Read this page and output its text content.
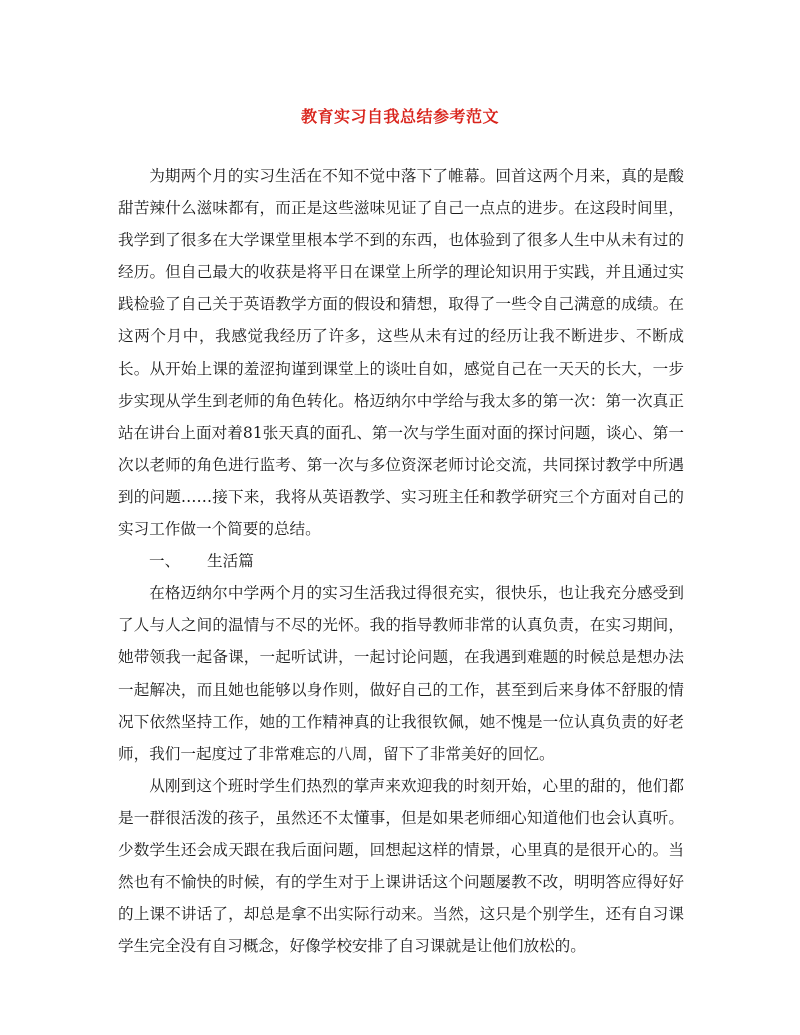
教育实习自我总结参考范文

为期两个月的实习生活在不知不觉中落下了帷幕。回首这两个月来，真的是酸甜苦辣什么滋味都有，而正是这些滋味见证了自己一点点的进步。在这段时间里，我学到了很多在大学课堂里根本学不到的东西，也体验到了很多人生中从未有过的经历。但自己最大的收获是将平日在课堂上所学的理论知识用于实践，并且通过实践检验了自己关于英语教学方面的假设和猜想，取得了一些令自己满意的成绩。在这两个月中，我感觉我经历了许多，这些从未有过的经历让我不断进步、不断成长。从开始上课的羞涩拘谨到课堂上的谈吐自如，感觉自己在一天天的长大，一步步实现从学生到老师的角色转化。格迈纳尔中学给与我太多的第一次：第一次真正站在讲台上面对着81张天真的面孔、第一次与学生面对面的探讨问题，谈心、第一次以老师的角色进行监考、第一次与多位资深老师讨论交流，共同探讨教学中所遇到的问题……接下来，我将从英语教学、实习班主任和教学研究三个方面对自己的实习工作做一个简要的总结。

一、 生活篇

在格迈纳尔中学两个月的实习生活我过得很充实，很快乐，也让我充分感受到了人与人之间的温情与不尽的光怀。我的指导教师非常的认真负责，在实习期间，她带领我一起备课，一起听试讲，一起讨论问题，在我遇到难题的时候总是想办法一起解决，而且她也能够以身作则，做好自己的工作，甚至到后来身体不舒服的情况下依然坚持工作，她的工作精神真的让我很钦佩，她不愧是一位认真负责的好老师，我们一起度过了非常难忘的八周，留下了非常美好的回忆。

从刚到这个班时学生们热烈的掌声来欢迎我的时刻开始，心里的甜的，他们都是一群很活泼的孩子，虽然还不太懂事，但是如果老师细心知道他们也会认真听。少数学生还会成天跟在我后面问题，回想起这样的情景，心里真的是很开心的。当然也有不愉快的时候，有的学生对于上课讲话这个问题屡教不改，明明答应得好好的上课不讲话了，却总是拿不出实际行动来。当然，这只是个别学生，还有自习课学生完全没有自习概念，好像学校安排了自习课就是让他们放松的。
